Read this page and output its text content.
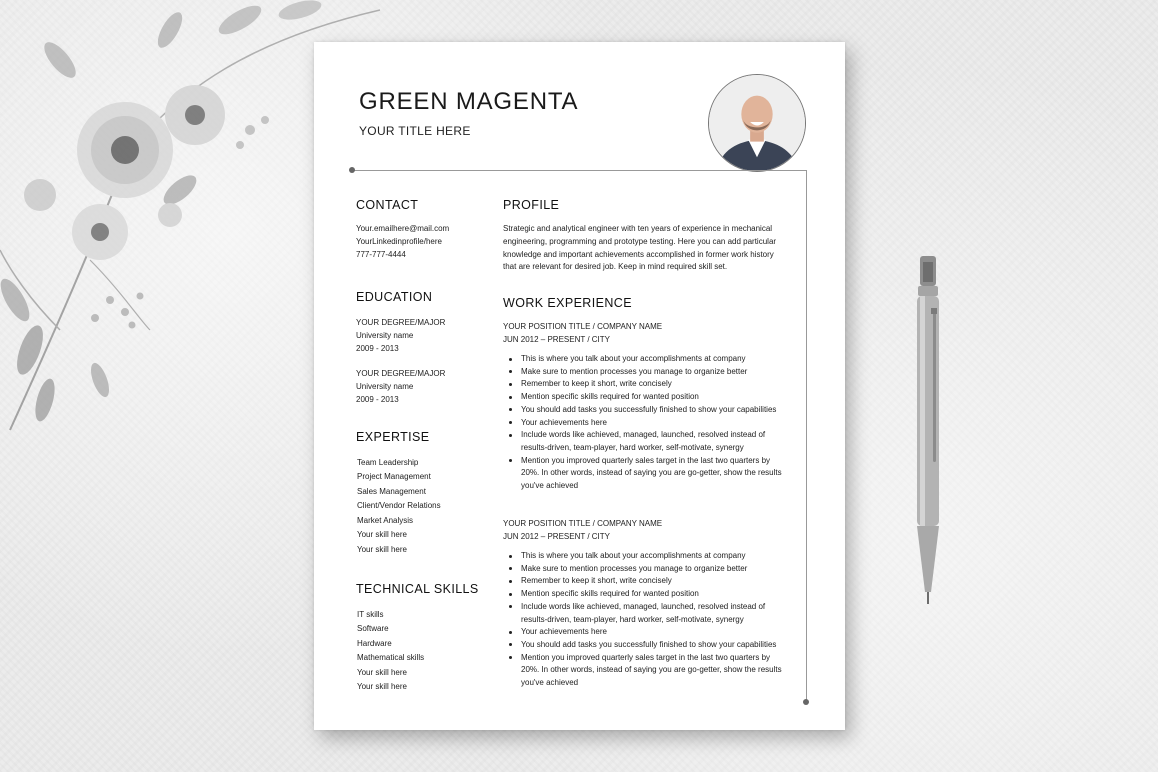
GREEN MAGENTA
YOUR TITLE HERE
CONTACT
Your.emailhere@mail.com
YourLinkedinprofile/here
777-777-4444
EDUCATION
YOUR DEGREE/MAJOR
University name
2009 - 2013
YOUR DEGREE/MAJOR
University name
2009 - 2013
EXPERTISE
Team Leadership
Project Management
Sales Management
Client/Vendor Relations
Market Analysis
Your skill here
Your skill here
TECHNICAL SKILLS
IT skills
Software
Hardware
Mathematical skills
Your skill here
Your skill here
PROFILE
Strategic and analytical engineer with ten years of experience in mechanical engineering, programming and prototype testing. Here you can add particular knowledge and important achievements accomplished in former work history that are relevant for desired job. Keep in mind required skill set.
WORK EXPERIENCE
YOUR POSITION TITLE / COMPANY NAME
JUN 2012 – PRESENT / CITY
This is where you talk about your accomplishments at company
Make sure to mention processes you manage to organize better
Remember to keep it short, write concisely
Mention specific skills required for wanted position
You should add tasks you successfully finished to show your capabilities
Your achievements here
Include words like achieved, managed, launched, resolved instead of results-driven, team-player, hard worker, self-motivate, synergy
Mention you improved quarterly sales target in the last two quarters by 20%. In other words, instead of saying you are go-getter, show the results you've achieved
YOUR POSITION TITLE / COMPANY NAME
JUN 2012 – PRESENT / CITY
This is where you talk about your accomplishments at company
Make sure to mention processes you manage to organize better
Remember to keep it short, write concisely
Mention specific skills required for wanted position
Include words like achieved, managed, launched, resolved instead of results-driven, team-player, hard worker, self-motivate, synergy
Your achievements here
You should add tasks you successfully finished to show your capabilities
Mention you improved quarterly sales target in the last two quarters by 20%. In other words, instead of saying you are go-getter, show the results you've achieved
